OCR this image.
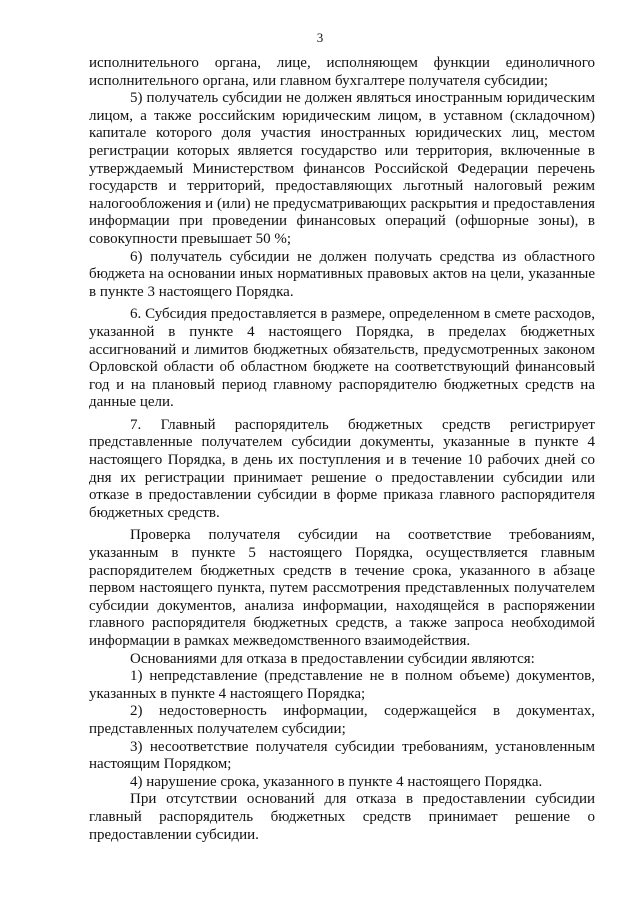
3

исполнительного органа, лице, исполняющем функции единоличного исполнительного органа, или главном бухгалтере получателя субсидии;

5) получатель субсидии не должен являться иностранным юридическим лицом, а также российским юридическим лицом, в уставном (складочном) капитале которого доля участия иностранных юридических лиц, местом регистрации которых является государство или территория, включенные в утверждаемый Министерством финансов Российской Федерации перечень государств и территорий, предоставляющих льготный налоговый режим налогообложения и (или) не предусматривающих раскрытия и предоставления информации при проведении финансовых операций (офшорные зоны), в совокупности превышает 50 %;

6) получатель субсидии не должен получать средства из областного бюджета на основании иных нормативных правовых актов на цели, указанные в пункте 3 настоящего Порядка.

6. Субсидия предоставляется в размере, определенном в смете расходов, указанной в пункте 4 настоящего Порядка, в пределах бюджетных ассигнований и лимитов бюджетных обязательств, предусмотренных законом Орловской области об областном бюджете на соответствующий финансовый год и на плановый период главному распорядителю бюджетных средств на данные цели.

7. Главный распорядитель бюджетных средств регистрирует представленные получателем субсидии документы, указанные в пункте 4 настоящего Порядка, в день их поступления и в течение 10 рабочих дней со дня их регистрации принимает решение о предоставлении субсидии или отказе в предоставлении субсидии в форме приказа главного распорядителя бюджетных средств.

Проверка получателя субсидии на соответствие требованиям, указанным в пункте 5 настоящего Порядка, осуществляется главным распорядителем бюджетных средств в течение срока, указанного в абзаце первом настоящего пункта, путем рассмотрения представленных получателем субсидии документов, анализа информации, находящейся в распоряжении главного распорядителя бюджетных средств, а также запроса необходимой информации в рамках межведомственного взаимодействия.

Основаниями для отказа в предоставлении субсидии являются:

1) непредставление (представление не в полном объеме) документов, указанных в пункте 4 настоящего Порядка;

2) недостоверность информации, содержащейся в документах, представленных получателем субсидии;

3) несоответствие получателя субсидии требованиям, установленным настоящим Порядком;

4) нарушение срока, указанного в пункте 4 настоящего Порядка.

При отсутствии оснований для отказа в предоставлении субсидии главный распорядитель бюджетных средств принимает решение о предоставлении субсидии.
